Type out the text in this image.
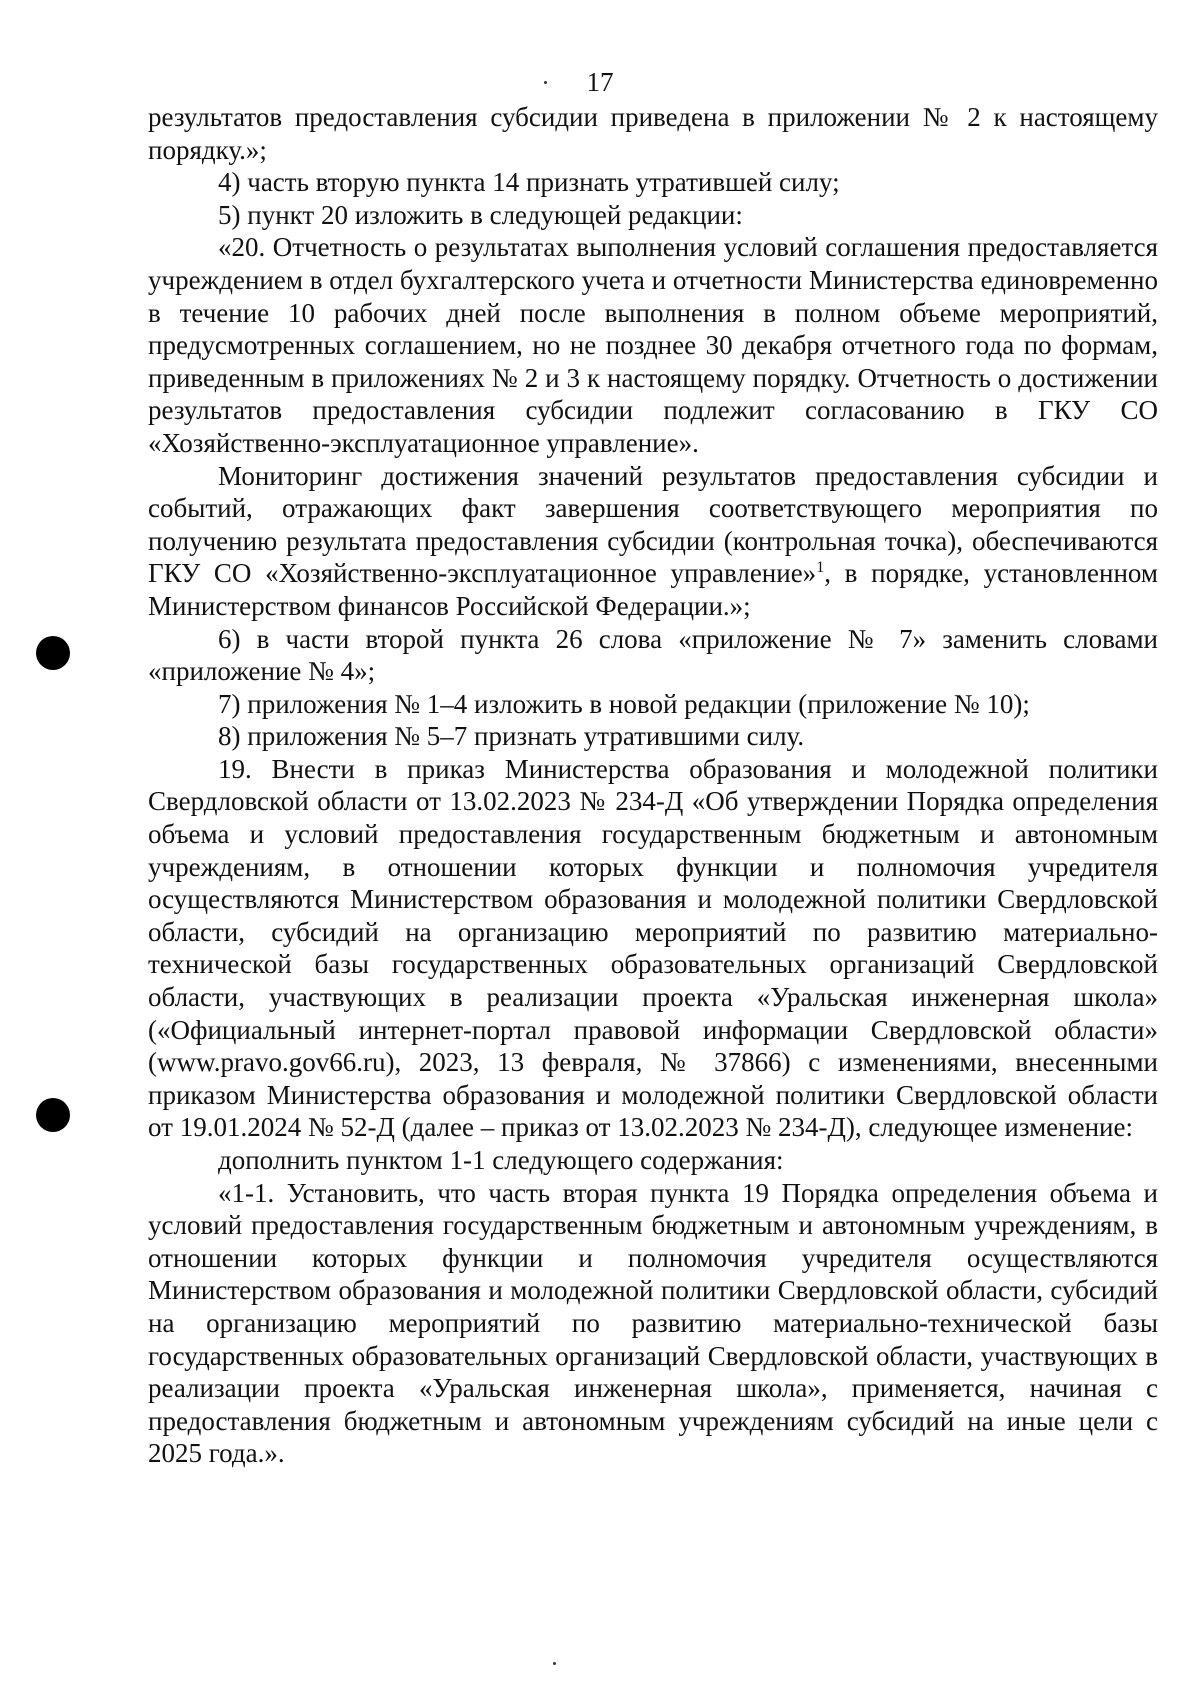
17

результатов предоставления субсидии приведена в приложении № 2 к настоящему порядку.»;

4) часть вторую пункта 14 признать утратившей силу;

5) пункт 20 изложить в следующей редакции:

«20. Отчетность о результатах выполнения условий соглашения предоставляется учреждением в отдел бухгалтерского учета и отчетности Министерства единовременно в течение 10 рабочих дней после выполнения в полном объеме мероприятий, предусмотренных соглашением, но не позднее 30 декабря отчетного года по формам, приведенным в приложениях № 2 и 3 к настоящему порядку. Отчетность о достижении результатов предоставления субсидии подлежит согласованию в ГКУ СО «Хозяйственно-эксплуатационное управление».

Мониторинг достижения значений результатов предоставления субсидии и событий, отражающих факт завершения соответствующего мероприятия по получению результата предоставления субсидии (контрольная точка), обеспечиваются ГКУ СО «Хозяйственно-эксплуатационное управление»$^1$, в порядке, установленном Министерством финансов Российской Федерации.»;

6) в части второй пункта 26 слова «приложение № 7» заменить словами «приложение № 4»;

7) приложения № 1–4 изложить в новой редакции (приложение № 10);

8) приложения № 5–7 признать утратившими силу.

19. Внести в приказ Министерства образования и молодежной политики Свердловской области от 13.02.2023 № 234-Д «Об утверждении Порядка определения объема и условий предоставления государственным бюджетным и автономным учреждениям, в отношении которых функции и полномочия учредителя осуществляются Министерством образования и молодежной политики Свердловской области, субсидий на организацию мероприятий по развитию материально-технической базы государственных образовательных организаций Свердловской области, участвующих в реализации проекта «Уральская инженерная школа» («Официальный интернет-портал правовой информации Свердловской области» (www.pravo.gov66.ru), 2023, 13 февраля, № 37866) с изменениями, внесенными приказом Министерства образования и молодежной политики Свердловской области от 19.01.2024 № 52-Д (далее – приказ от 13.02.2023 № 234-Д), следующее изменение:

дополнить пунктом 1-1 следующего содержания:

«1-1. Установить, что часть вторая пункта 19 Порядка определения объема и условий предоставления государственным бюджетным и автономным учреждениям, в отношении которых функции и полномочия учредителя осуществляются Министерством образования и молодежной политики Свердловской области, субсидий на организацию мероприятий по развитию материально-технической базы государственных образовательных организаций Свердловской области, участвующих в реализации проекта «Уральская инженерная школа», применяется, начиная с предоставления бюджетным и автономным учреждениям субсидий на иные цели с 2025 года.».
